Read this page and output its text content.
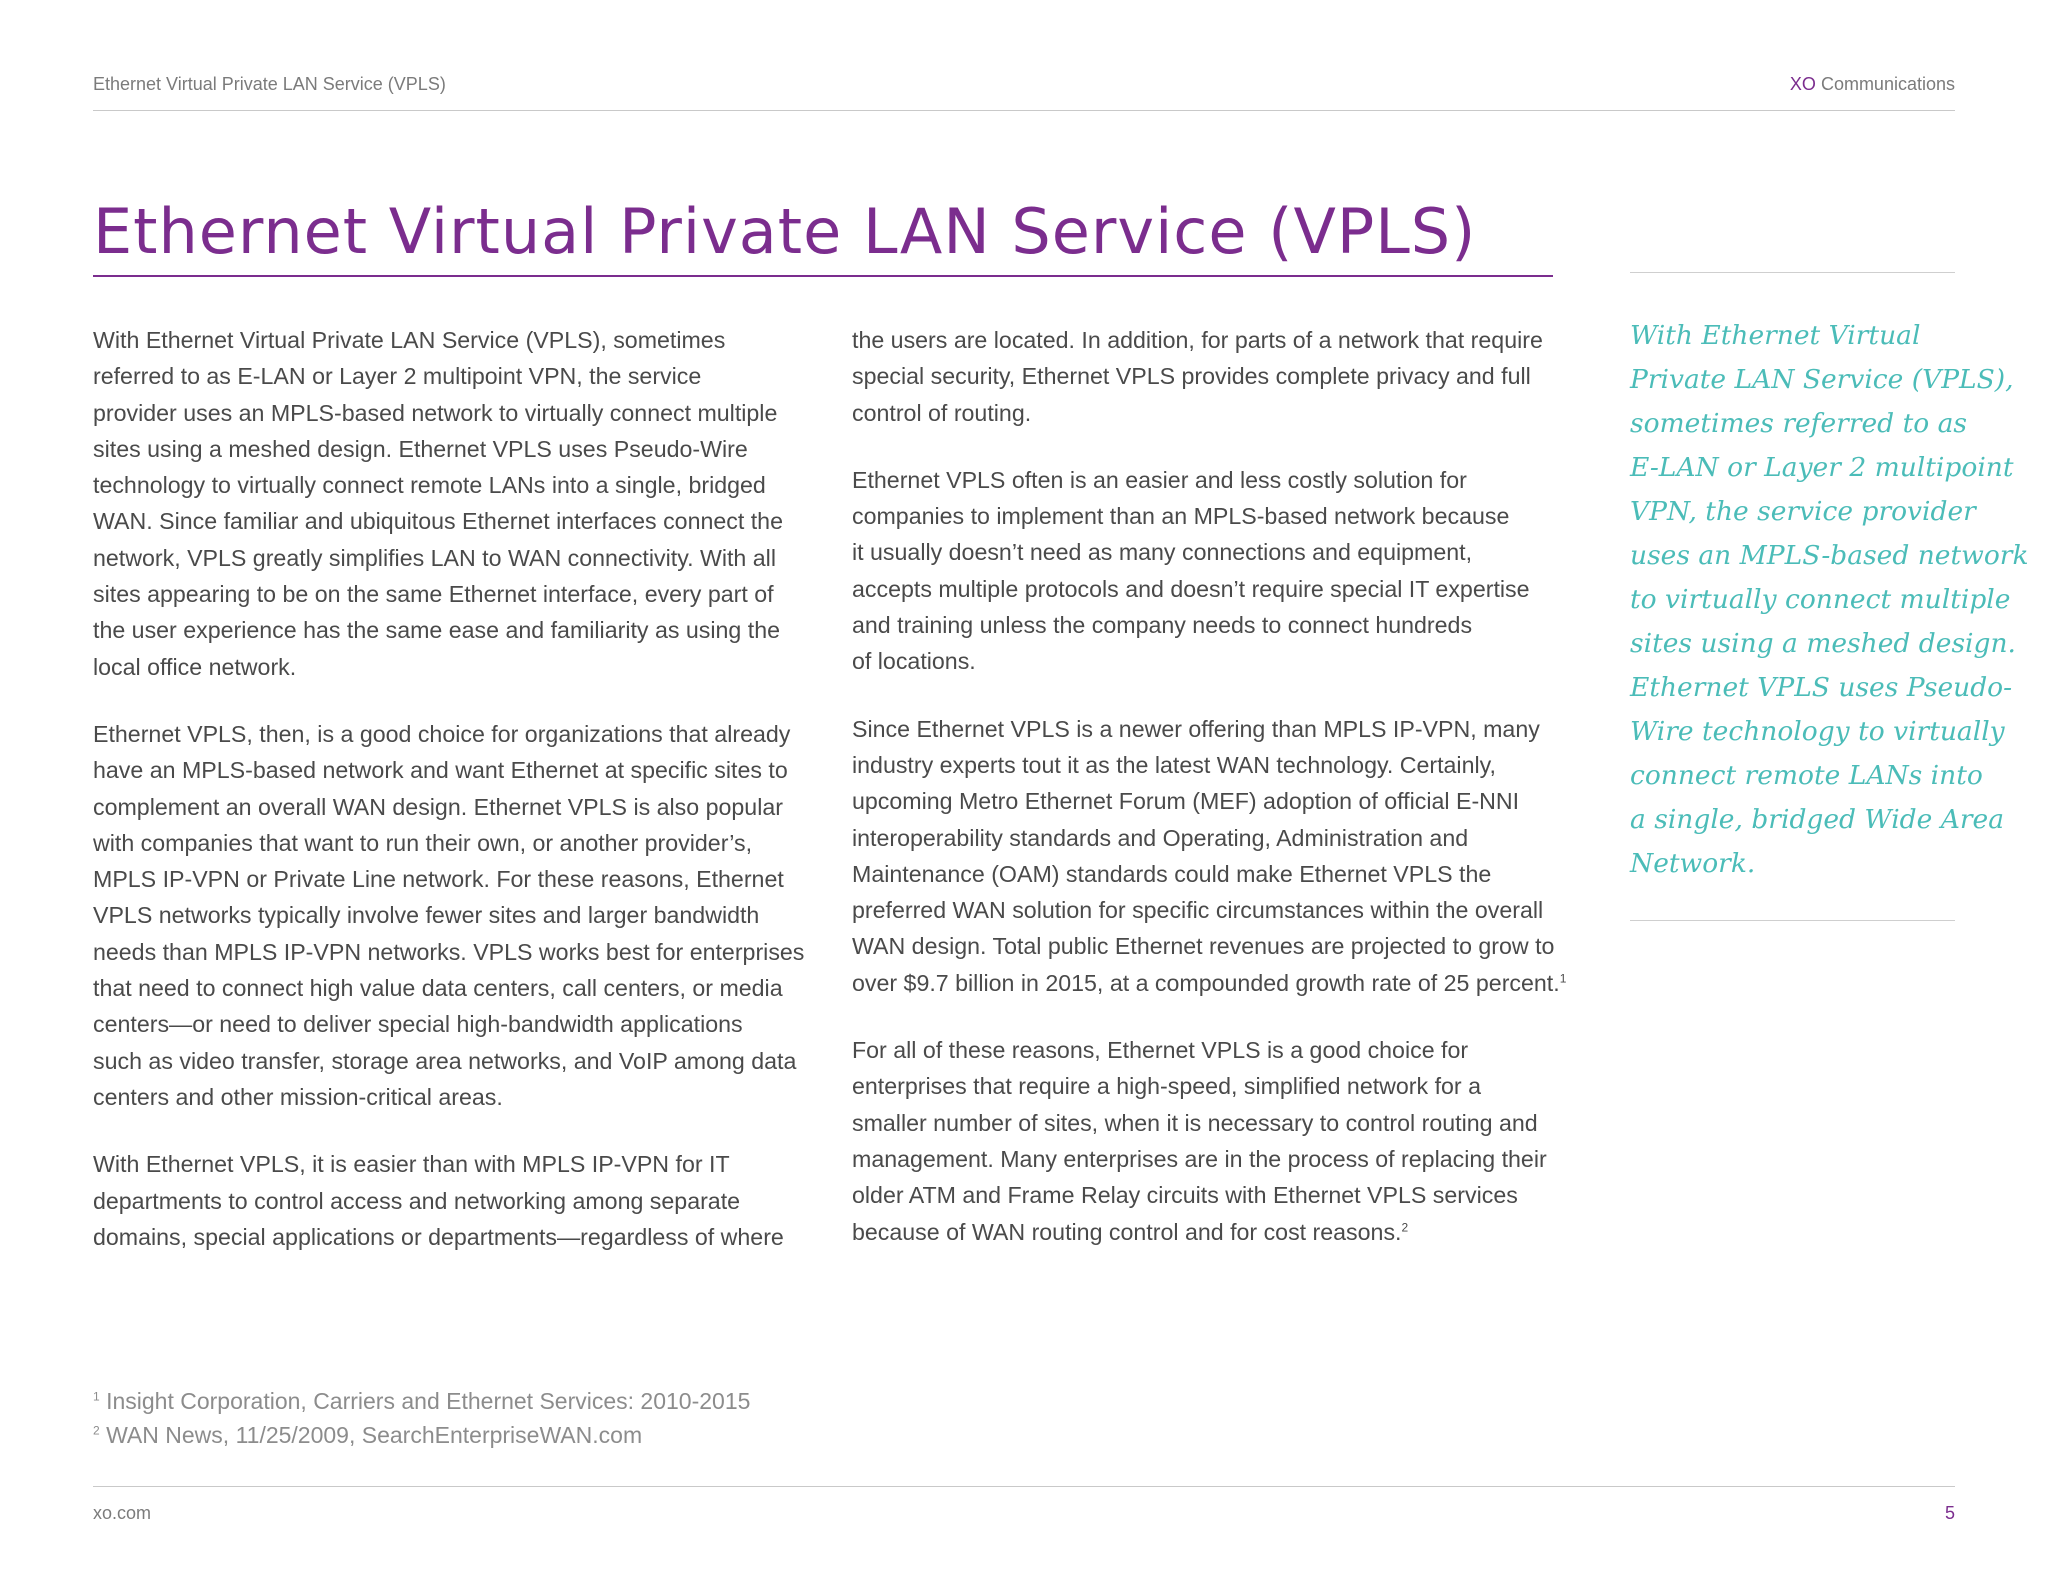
Ethernet Virtual Private LAN Service (VPLS)	XO Communications
Ethernet Virtual Private LAN Service (VPLS)

With Ethernet Virtual Private LAN Service (VPLS), sometimes
referred to as E-LAN or Layer 2 multipoint VPN, the service
provider uses an MPLS-based network to virtually connect multiple
sites using a meshed design. Ethernet VPLS uses Pseudo-Wire
technology to virtually connect remote LANs into a single, bridged
WAN. Since familiar and ubiquitous Ethernet interfaces connect the
network, VPLS greatly simplifies LAN to WAN connectivity. With all
sites appearing to be on the same Ethernet interface, every part of
the user experience has the same ease and familiarity as using the
local office network.

Ethernet VPLS, then, is a good choice for organizations that already
have an MPLS-based network and want Ethernet at specific sites to
complement an overall WAN design. Ethernet VPLS is also popular
with companies that want to run their own, or another provider’s,
MPLS IP-VPN or Private Line network. For these reasons, Ethernet
VPLS networks typically involve fewer sites and larger bandwidth
needs than MPLS IP-VPN networks. VPLS works best for enterprises
that need to connect high value data centers, call centers, or media
centers—or need to deliver special high-bandwidth applications
such as video transfer, storage area networks, and VoIP among data
centers and other mission-critical areas.

With Ethernet VPLS, it is easier than with MPLS IP-VPN for IT
departments to control access and networking among separate
domains, special applications or departments—regardless of where

the users are located. In addition, for parts of a network that require
special security, Ethernet VPLS provides complete privacy and full
control of routing.

Ethernet VPLS often is an easier and less costly solution for
companies to implement than an MPLS-based network because
it usually doesn’t need as many connections and equipment,
accepts multiple protocols and doesn’t require special IT expertise
and training unless the company needs to connect hundreds
of locations.

Since Ethernet VPLS is a newer offering than MPLS IP-VPN, many
industry experts tout it as the latest WAN technology. Certainly,
upcoming Metro Ethernet Forum (MEF) adoption of official E-NNI
interoperability standards and Operating, Administration and
Maintenance (OAM) standards could make Ethernet VPLS the
preferred WAN solution for specific circumstances within the overall
WAN design. Total public Ethernet revenues are projected to grow to
over $9.7 billion in 2015, at a compounded growth rate of 25 percent.$^1$

For all of these reasons, Ethernet VPLS is a good choice for
enterprises that require a high-speed, simplified network for a
smaller number of sites, when it is necessary to control routing and
management. Many enterprises are in the process of replacing their
older ATM and Frame Relay circuits with Ethernet VPLS services
because of WAN routing control and for cost reasons.$^2$

With Ethernet Virtual
Private LAN Service (VPLS),
sometimes referred to as
E-LAN or Layer 2 multipoint
VPN, the service provider
uses an MPLS-based network
to virtually connect multiple
sites using a meshed design.
Ethernet VPLS uses Pseudo-
Wire technology to virtually
connect remote LANs into
a single, bridged Wide Area
Network.
$^1$ Insight Corporation, Carriers and Ethernet Services: 2010-2015
$^2$ WAN News, 11/25/2009, SearchEnterpriseWAN.com
xo.com	5
